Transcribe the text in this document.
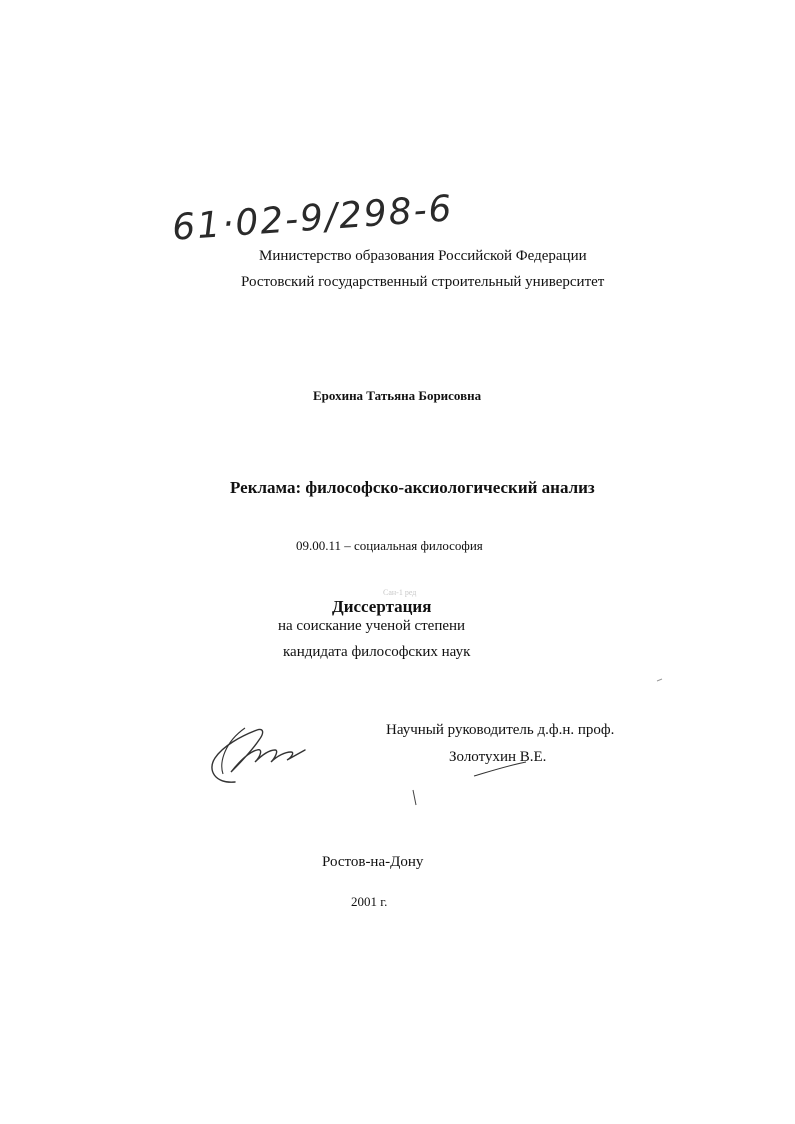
61·02-9/298-6
Министерство образования Российской Федерации
Ростовский государственный строительный университет
Ерохина Татьяна Борисовна
Реклама: философско-аксиологический анализ
09.00.11 – социальная философия
Сан-1 ред
Диссертация
на соискание ученой степени
кандидата философских наук
Научный руководитель д.ф.н. проф.
Золотухин В.Е.
Ростов-на-Дону
2001 г.
